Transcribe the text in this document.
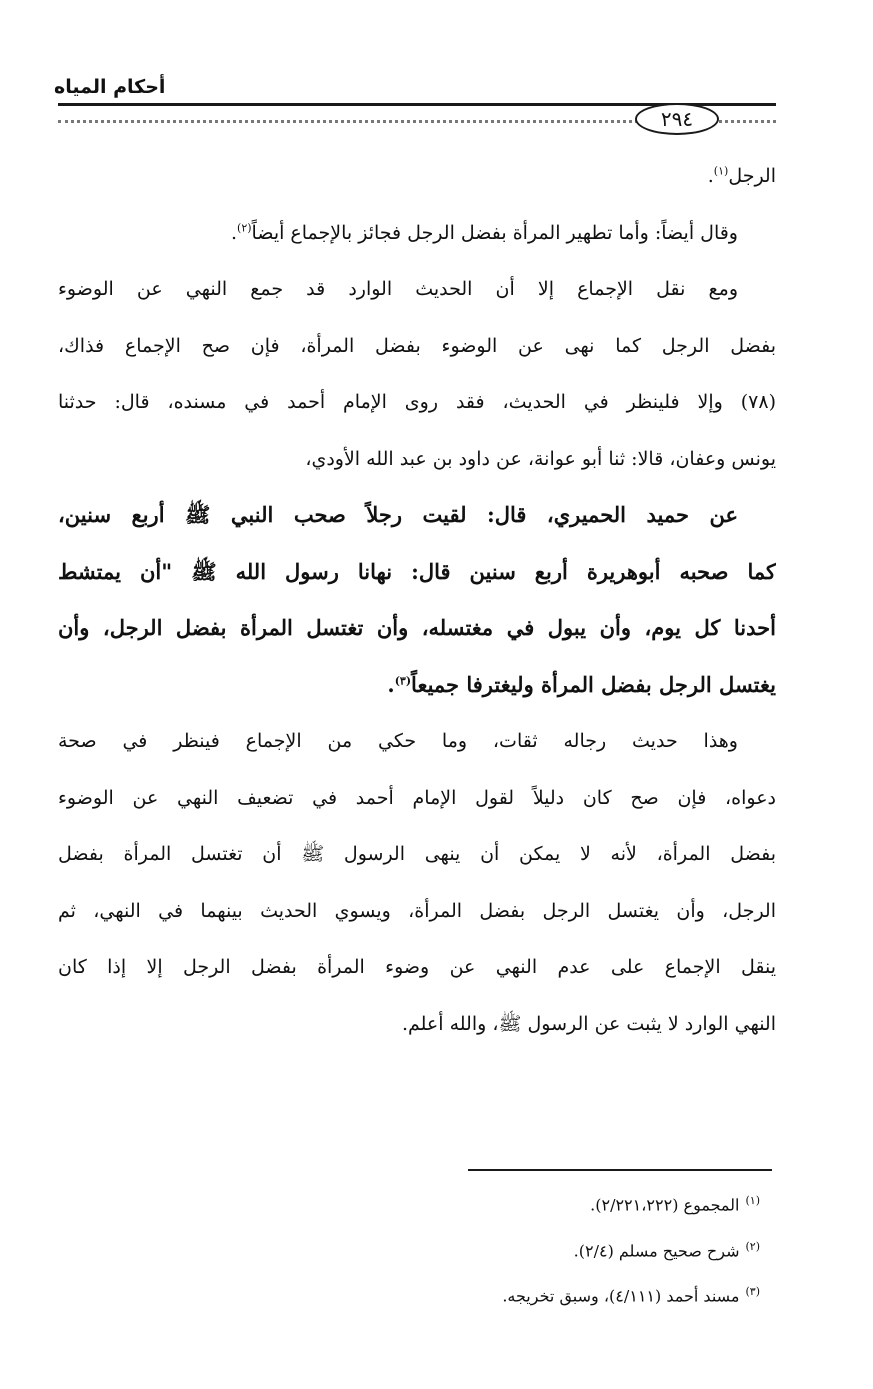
أحكام المياه
٢٩٤
الرجل$^{(١)}$.
وقال أيضاً: وأما تطهير المرأة بفضل الرجل فجائز بالإجماع أيضاً$^{(٢)}$.
ومع نقل الإجماع إلا أن الحديث الوارد قد جمع النهي عن الوضوء
بفضل الرجل كما نهى عن الوضوء بفضل المرأة، فإن صح الإجماع فذاك،
(٧٨) وإلا فلينظر في الحديث، فقد روى الإمام أحمد في مسنده، قال: حدثنا
يونس وعفان، قالا: ثنا أبو عوانة، عن داود بن عبد الله الأودي،
عن حميد الحميري، قال: لقيت رجلاً صحب النبي ﷺ أربع سنين،
كما صحبه أبوهريرة أربع سنين قال: نهانا رسول الله ﷺ "أن يمتشط
أحدنا كل يوم، وأن يبول في مغتسله، وأن تغتسل المرأة بفضل الرجل، وأن
يغتسل الرجل بفضل المرأة وليغترفا جميعاً$^{(٣)}$.
وهذا حديث رجاله ثقات، وما حكي من الإجماع فينظر في صحة
دعواه، فإن صح كان دليلاً لقول الإمام أحمد في تضعيف النهي عن الوضوء
بفضل المرأة، لأنه لا يمكن أن ينهى الرسول ﷺ أن تغتسل المرأة بفضل
الرجل، وأن يغتسل الرجل بفضل المرأة، ويسوي الحديث بينهما في النهي، ثم
ينقل الإجماع على عدم النهي عن وضوء المرأة بفضل الرجل إلا إذا كان
النهي الوارد لا يثبت عن الرسول ﷺ، والله أعلم.
$^{(١)}$المجموع (٢/٢٢١،٢٢٢).
$^{(٢)}$شرح صحيح مسلم (٢/٤).
$^{(٣)}$مسند أحمد (٤/١١١)، وسبق تخريجه.
